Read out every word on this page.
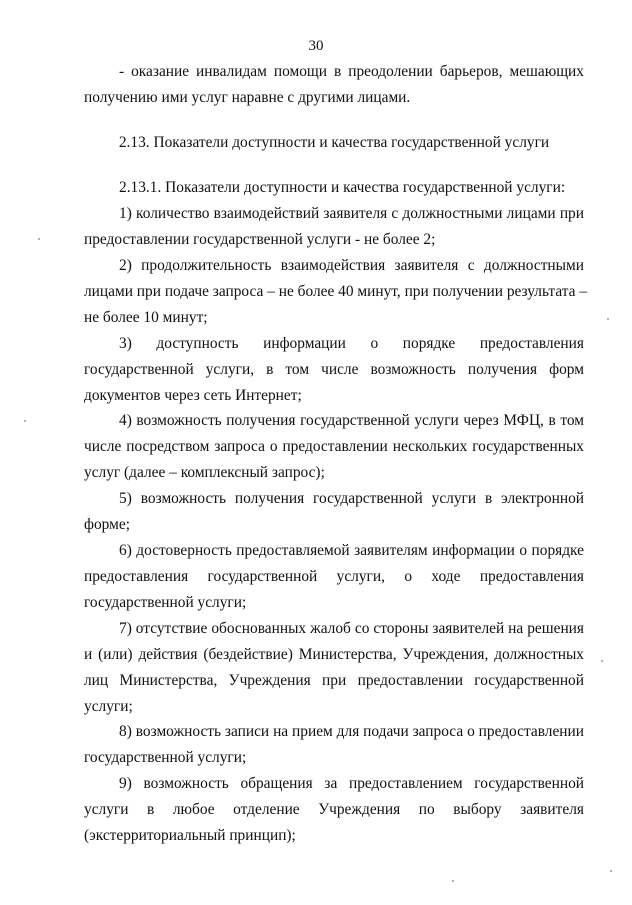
30
- оказание инвалидам помощи в преодолении барьеров, мешающих
получению ими услуг наравне с другими лицами.
2.13. Показатели доступности и качества государственной услуги
2.13.1. Показатели доступности и качества государственной услуги:
1) количество взаимодействий заявителя с должностными лицами при
предоставлении государственной услуги - не более 2;
2) продолжительность взаимодействия заявителя с должностными
лицами при подаче запроса – не более 40 минут, при получении результата –
не более 10 минут;
3) доступность информации о порядке предоставления
государственной услуги, в том числе возможность получения форм
документов через сеть Интернет;
4) возможность получения государственной услуги через МФЦ, в том
числе посредством запроса о предоставлении нескольких государственных
услуг (далее – комплексный запрос);
5) возможность получения государственной услуги в электронной
форме;
6) достоверность предоставляемой заявителям информации о порядке
предоставления государственной услуги, о ходе предоставления
государственной услуги;
7) отсутствие обоснованных жалоб со стороны заявителей на решения
и (или) действия (бездействие) Министерства, Учреждения, должностных
лиц Министерства, Учреждения при предоставлении государственной
услуги;
8) возможность записи на прием для подачи запроса о предоставлении
государственной услуги;
9) возможность обращения за предоставлением государственной
услуги в любое отделение Учреждения по выбору заявителя
(экстерриториальный принцип);
